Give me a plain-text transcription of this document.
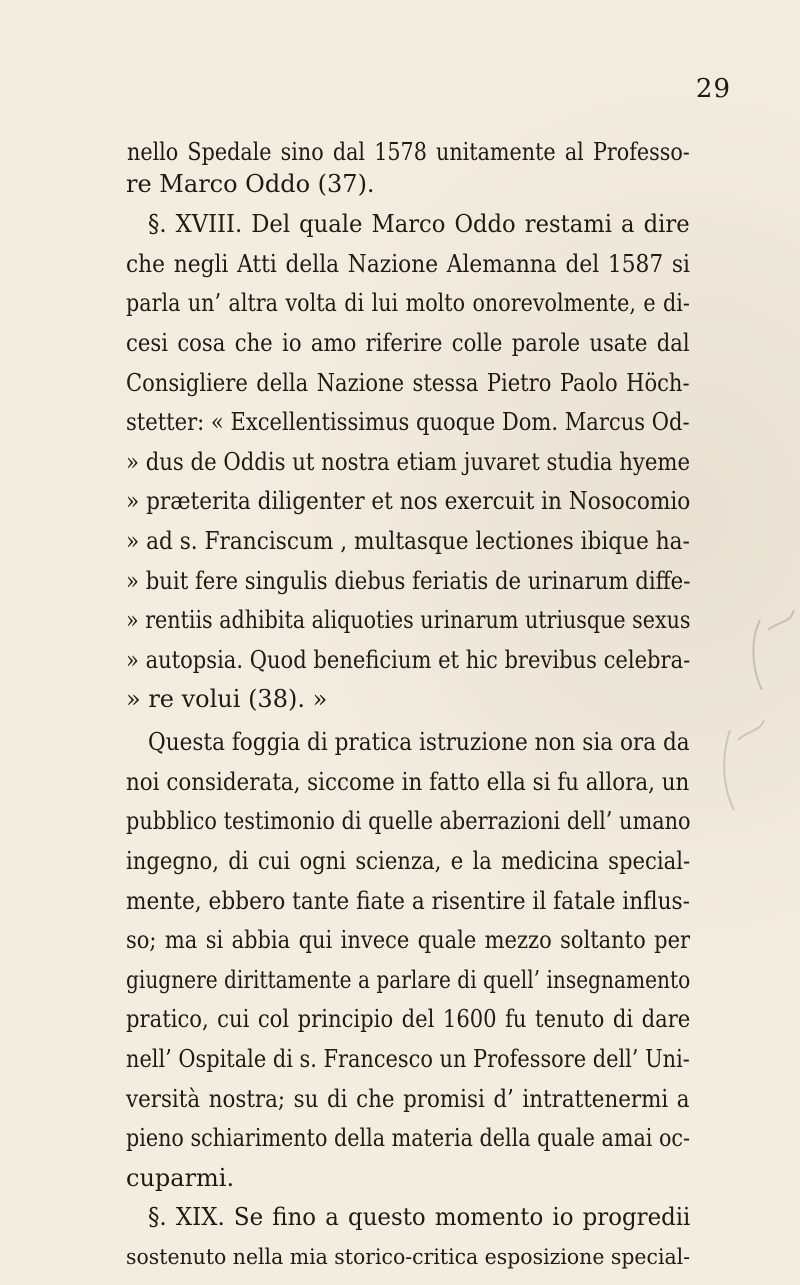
29
nello Spedale sino dal 1578 unitamente al Professo-
re Marco Oddo (37).
§. XVIII. Del quale Marco Oddo restami a dire
che negli Atti della Nazione Alemanna del 1587 si
parla un’ altra volta di lui molto onorevolmente, e di-
cesi cosa che io amo riferire colle parole usate dal
Consigliere della Nazione stessa Pietro Paolo Höch-
stetter: « Excellentissimus quoque Dom. Marcus Od-
» dus de Oddis ut nostra etiam juvaret studia hyeme
» præterita diligenter et nos exercuit in Nosocomio
» ad s. Franciscum , multasque lectiones ibique ha-
» buit fere singulis diebus feriatis de urinarum diffe-
» rentiis adhibita aliquoties urinarum utriusque sexus
» autopsia. Quod beneficium et hic brevibus celebra-
» re volui (38). »
Questa foggia di pratica istruzione non sia ora da
noi considerata, siccome in fatto ella si fu allora, un
pubblico testimonio di quelle aberrazioni dell’ umano
ingegno, di cui ogni scienza, e la medicina special-
mente, ebbero tante fiate a risentire il fatale influs-
so; ma si abbia qui invece quale mezzo soltanto per
giugnere dirittamente a parlare di quell’ insegnamento
pratico, cui col principio del 1600 fu tenuto di dare
nell’ Ospitale di s. Francesco un Professore dell’ Uni-
versità nostra; su di che promisi d’ intrattenermi a
pieno schiarimento della materia della quale amai oc-
cuparmi.
§. XIX. Se fino a questo momento io progredii
sostenuto nella mia storico-critica esposizione special-
